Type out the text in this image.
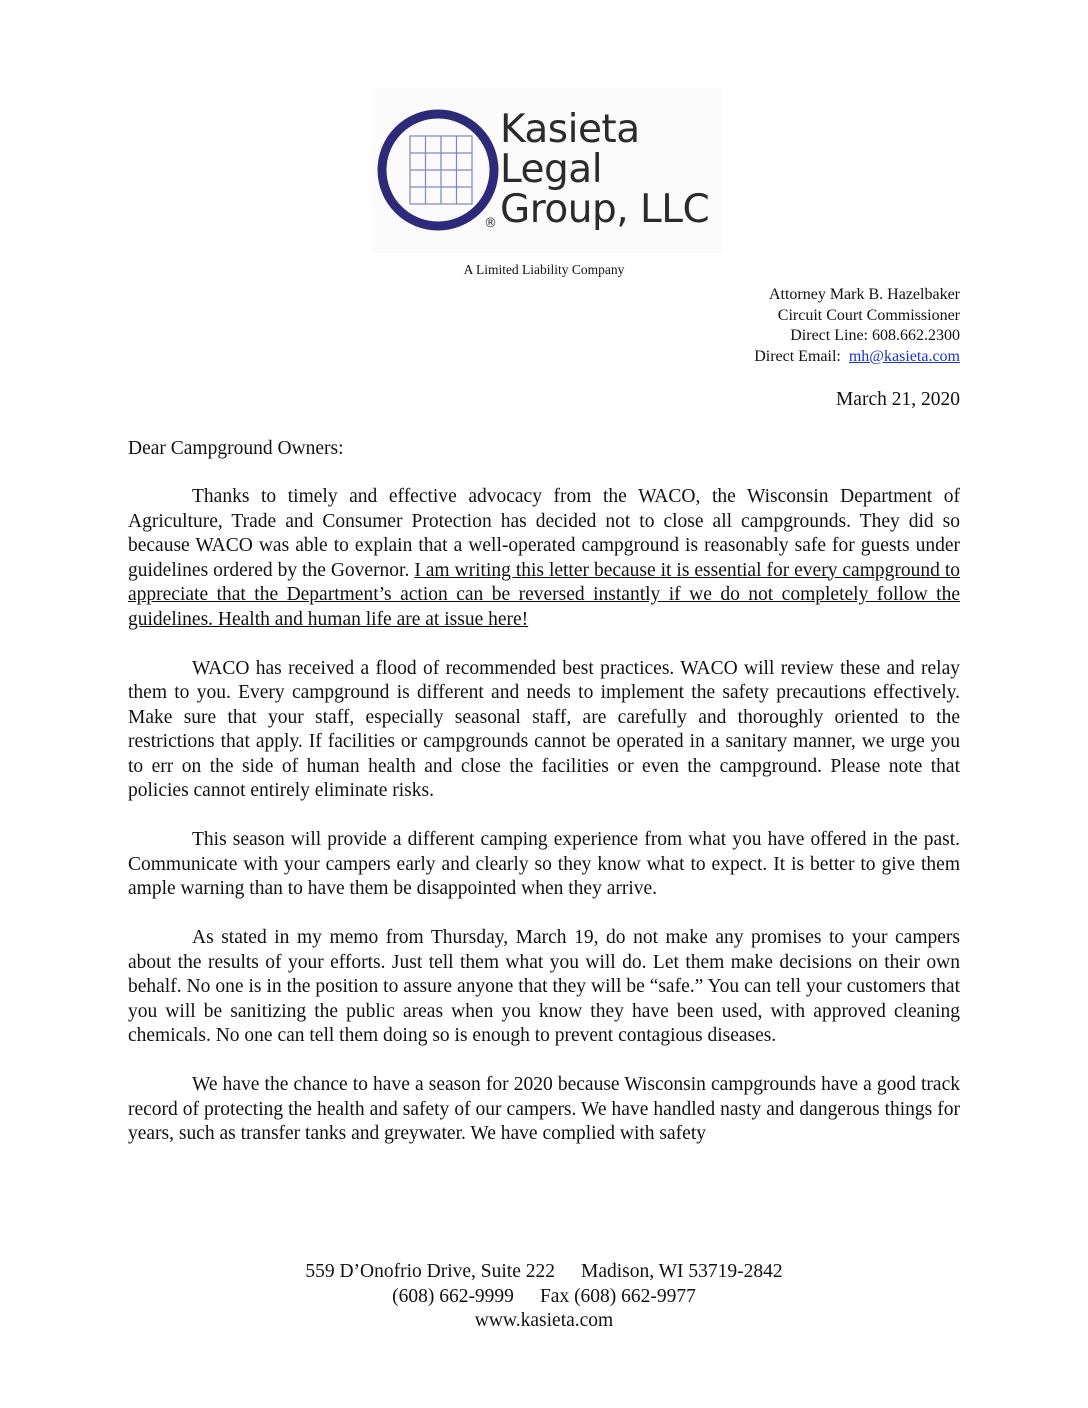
Kasieta
Legal
Group, LLC
®
A Limited Liability Company
Attorney Mark B. Hazelbaker
Circuit Court Commissioner
Direct Line: 608.662.2300
Direct Email: mh@kasieta.com
March 21, 2020
Dear Campground Owners:

Thanks to timely and effective advocacy from the WACO, the Wisconsin Department of Agriculture, Trade and Consumer Protection has decided not to close all campgrounds. They did so because WACO was able to explain that a well-operated campground is reasonably safe for guests under guidelines ordered by the Governor. I am writing this letter because it is essential for every campground to appreciate that the Department’s action can be reversed instantly if we do not completely follow the guidelines. Health and human life are at issue here!

WACO has received a flood of recommended best practices. WACO will review these and relay them to you. Every campground is different and needs to implement the safety precautions effectively. Make sure that your staff, especially seasonal staff, are carefully and thoroughly oriented to the restrictions that apply. If facilities or campgrounds cannot be operated in a sanitary manner, we urge you to err on the side of human health and close the facilities or even the campground. Please note that policies cannot entirely eliminate risks.

This season will provide a different camping experience from what you have offered in the past. Communicate with your campers early and clearly so they know what to expect. It is better to give them ample warning than to have them be disappointed when they arrive.

As stated in my memo from Thursday, March 19, do not make any promises to your campers about the results of your efforts. Just tell them what you will do. Let them make decisions on their own behalf. No one is in the position to assure anyone that they will be “safe.” You can tell your customers that you will be sanitizing the public areas when you know they have been used, with approved cleaning chemicals. No one can tell them doing so is enough to prevent contagious diseases.

We have the chance to have a season for 2020 because Wisconsin campgrounds have a good track record of protecting the health and safety of our campers. We have handled nasty and dangerous things for years, such as transfer tanks and greywater. We have complied with safety

559 D’Onofrio Drive, Suite 222 Madison, WI 53719-2842
(608) 662-9999 Fax (608) 662-9977
www.kasieta.com
